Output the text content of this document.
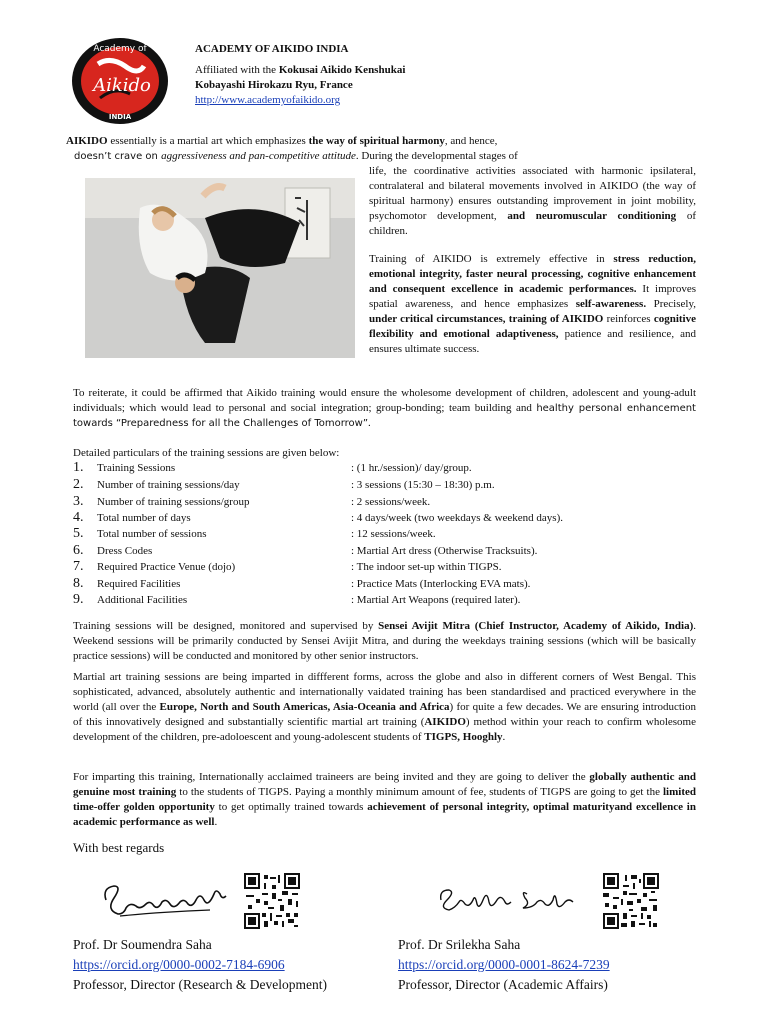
Academy of
Aikido
INDIA
ACADEMY OF AIKIDO INDIA
Affiliated with the Kokusai Aikido Kenshukai
Kobayashi Hirokazu Ryu, France
http://www.academyofaikido.org
AIKIDO essentially is a martial art which emphasizes the way of spiritual harmony, and hence,
doesn’t crave on aggressiveness and pan-competitive attitude. During the developmental stages of
life, the coordinative activities associated with harmonic ipsilateral, contralateral and bilateral movements involved in AIKIDO (the way of spiritual harmony) ensures outstanding improvement in joint mobility, psychomotor development, and neuromuscular conditioning of children.
Training of AIKIDO is extremely effective in stress reduction, emotional integrity, faster neural processing, cognitive enhancement and consequent excellence in academic performances. It improves spatial awareness, and hence emphasizes self-awareness. Precisely, under critical circumstances, training of AIKIDO reinforces cognitive flexibility and emotional adaptiveness, patience and resilience, and ensures ultimate success.
To reiterate, it could be affirmed that Aikido training would ensure the wholesome development of children, adolescent and young-adult individuals; which would lead to personal and social integration; group-bonding; team building and healthy personal enhancement towards “Preparedness for all the Challenges of Tomorrow”.
Detailed particulars of the training sessions are given below:
1. Training Sessions	: (1 hr./session)/ day/group.
2. Number of training sessions/day	: 3 sessions (15:30 – 18:30) p.m.
3. Number of training sessions/group	: 2 sessions/week.
4. Total number of days	: 4 days/week (two weekdays & weekend days).
5. Total number of sessions	: 12 sessions/week.
6. Dress Codes	: Martial Art dress (Otherwise Tracksuits).
7. Required Practice Venue (dojo)	: The indoor set-up within TIGPS.
8. Required Facilities	: Practice Mats (Interlocking EVA mats).
9. Additional Facilities	: Martial Art Weapons (required later).
Training sessions will be designed, monitored and supervised by Sensei Avijit Mitra (Chief Instructor, Academy of Aikido, India). Weekend sessions will be primarily conducted by Sensei Avijit Mitra, and during the weekdays training sessions (which will be basically practice sessions) will be conducted and monitored by other senior instructors.
Martial art training sessions are being imparted in diffferent forms, across the globe and also in different corners of West Bengal. This sophisticated, advanced, absolutely authentic and internationally vaidated training has been standardised and practiced everywhere in the world (all over the Europe, North and South Americas, Asia-Oceania and Africa) for quite a few decades. We are ensuring introduction of this innovatively designed and substantially scientific martial art training (AIKIDO) method within your reach to confirm wholesome development of the children, pre-adoloescent and young-adolescent students of TIGPS, Hooghly.
For imparting this training, Internationally acclaimed traineers are being invited and they are going to deliver the globally authentic and genuine most training to the students of TIGPS. Paying a monthly minimum amount of fee, students of TIGPS are going to get the limited time-offer golden opportunity to get optimally trained towards achievement of personal integrity, optimal maturityand excellence in academic performance as well.
With best regards
Prof. Dr Soumendra Saha
https://orcid.org/0000-0002-7184-6906
Professor, Director (Research & Development)
Prof. Dr Srilekha Saha
https://orcid.org/0000-0001-8624-7239
Professor, Director (Academic Affairs)
